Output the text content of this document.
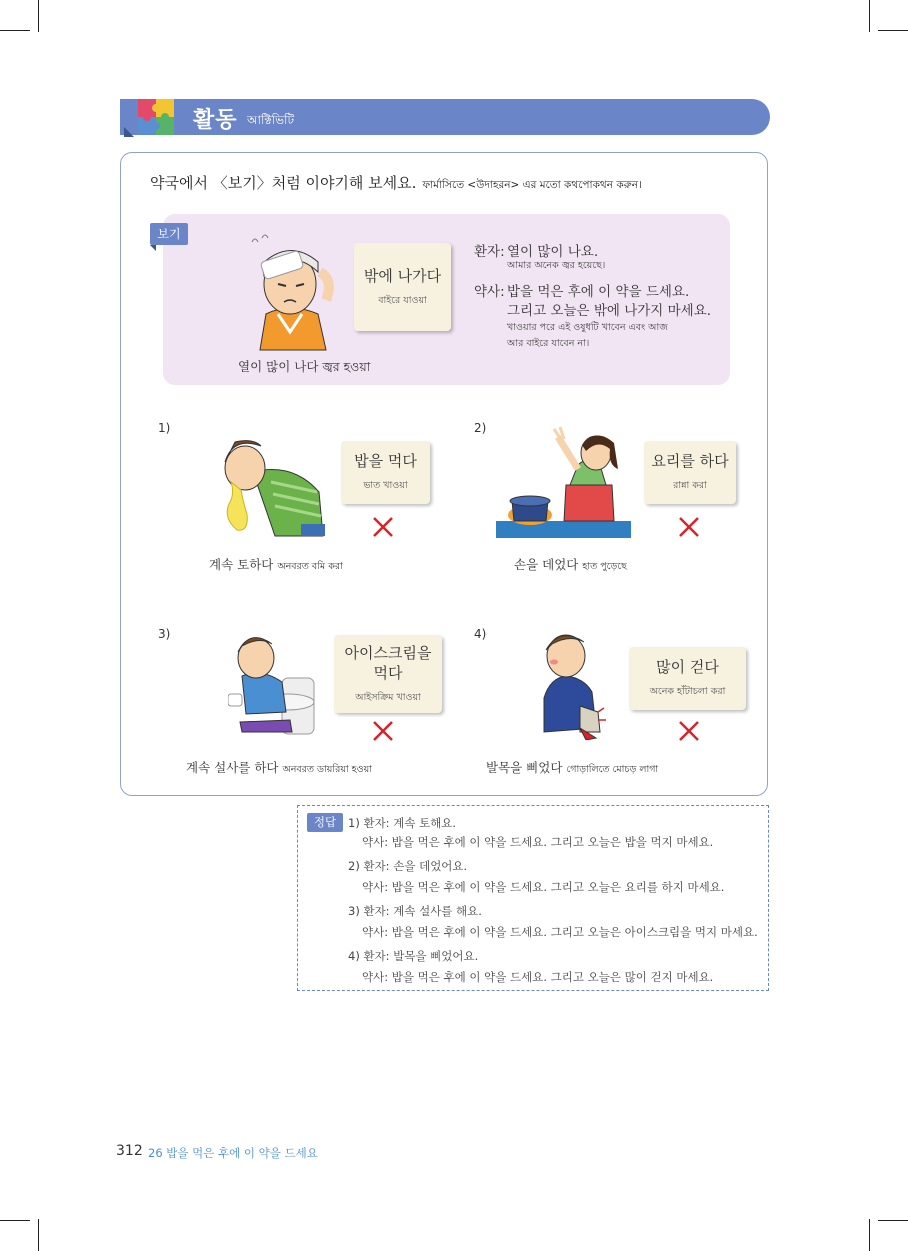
활동 আক্টিভিটি
약국에서 〈보기〉처럼 이야기해 보세요. ফার্মাসিতে <উদাহরন> এর মতো কথপোকথন করুন।
보기
밖에 나가다
বাইরে যাওয়া
열이 많이 나다 জ্বর হওয়া
환자: 열이 많이 나요.
আমার অনেক জ্বর হয়েছে।
약사: 밥을 먹은 후에 이 약을 드세요.
그리고 오늘은 밖에 나가지 마세요.
খাওয়ার পরে এই ওষুধটি খাবেন এবং আজ
আর বাইরে যাবেন না।
1)
밥을 먹다
ভাত খাওয়া
계속 토하다 অনবরত বমি করা
2)
요리를 하다
রান্না করা
손을 데었다 হাত পুড়েছে
3)
아이스크림을
먹다
আইসক্রিম খাওয়া
계속 설사를 하다 অনবরত ডায়রিয়া হওয়া
4)
많이 걷다
অনেক হাঁটাচলা করা
발목을 삐었다 গোড়ালিতে মোচড় লাগা
정답	1) 환자: 계속 토해요.
약사: 밥을 먹은 후에 이 약을 드세요. 그리고 오늘은 밥을 먹지 마세요.
2) 환자: 손을 데었어요.
약사: 밥을 먹은 후에 이 약을 드세요. 그리고 오늘은 요리를 하지 마세요.
3) 환자: 계속 설사를 해요.
약사: 밥을 먹은 후에 이 약을 드세요. 그리고 오늘은 아이스크림을 먹지 마세요.
4) 환자: 발목을 삐었어요.
약사: 밥을 먹은 후에 이 약을 드세요. 그리고 오늘은 많이 걷지 마세요.
312 26 밥을 먹은 후에 이 약을 드세요
